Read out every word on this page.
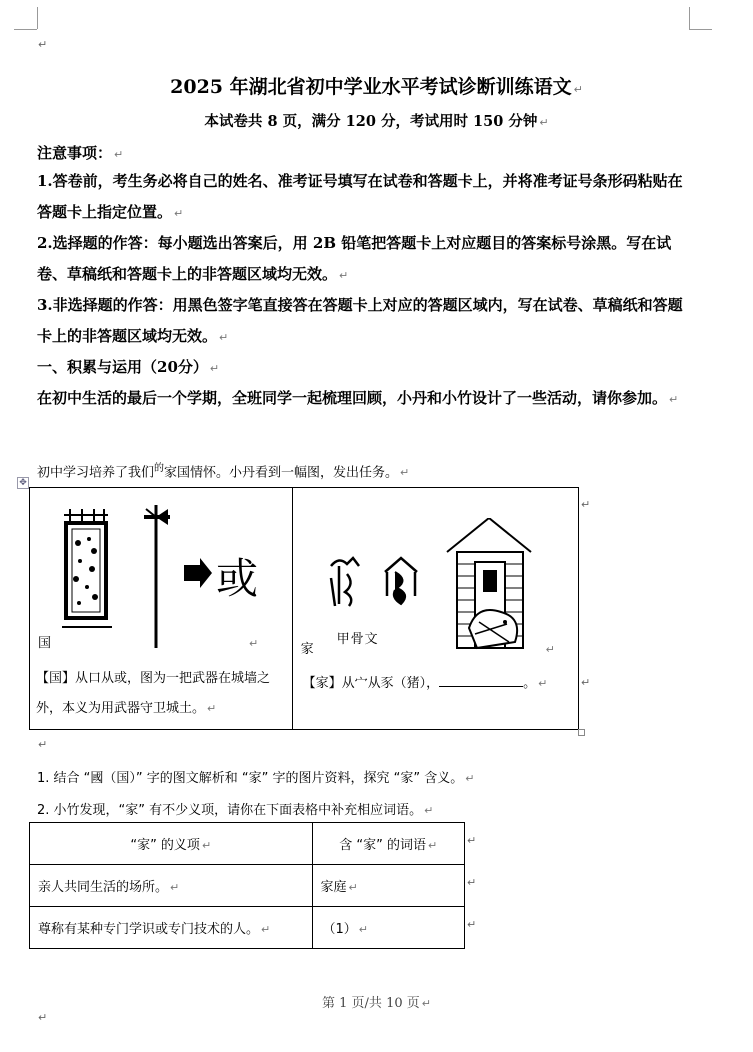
↵
2025 年湖北省初中学业水平考试诊断训练语文 ↵
本试卷共 8 页，满分 120 分，考试用时 150 分钟 ↵
注意事项： ↵
1.答卷前，考生务必将自己的姓名、准考证号填写在试卷和答题卡上，并将准考证号条形码粘贴在答题卡上指定位置。 ↵
2.选择题的作答：每小题选出答案后，用 2B 铅笔把答题卡上对应题目的答案标号涂黑。写在试卷、草稿纸和答题卡上的非答题区域均无效。 ↵
3.非选择题的作答：用黑色签字笔直接答在答题卡上对应的答题区域内，写在试卷、草稿纸和答题卡上的非答题区域均无效。 ↵
一、积累与运用（20分） ↵
在初中生活的最后一个学期，全班同学一起梳理回顾，小丹和小竹设计了一些活动，请你参加。 ↵
初中学习培养了我们$^的$家国情怀。小丹看到一幅图，发出任务。 ↵
✥
或
国	↵
【国】从口从或，图为一把武器在城墙之外，本义为用武器守卫城土。 ↵

甲骨文
家	↵
【家】从宀从豕（猪），	。 ↵
↵
↵
↵
1. 结合 “國（国）” 字的图文解析和 “家” 字的图片资料，探究 “家” 含义。 ↵
2. 小竹发现，“家” 有不少义项，请你在下面表格中补充相应词语。 ↵
“家” 的义项 ↵	含 “家” 的词语 ↵
亲人共同生活的场所。 ↵	家庭 ↵
尊称有某种专门学识或专门技术的人。 ↵	（1） ↵
↵
↵
↵
第 1 页/共 10 页 ↵
↵
